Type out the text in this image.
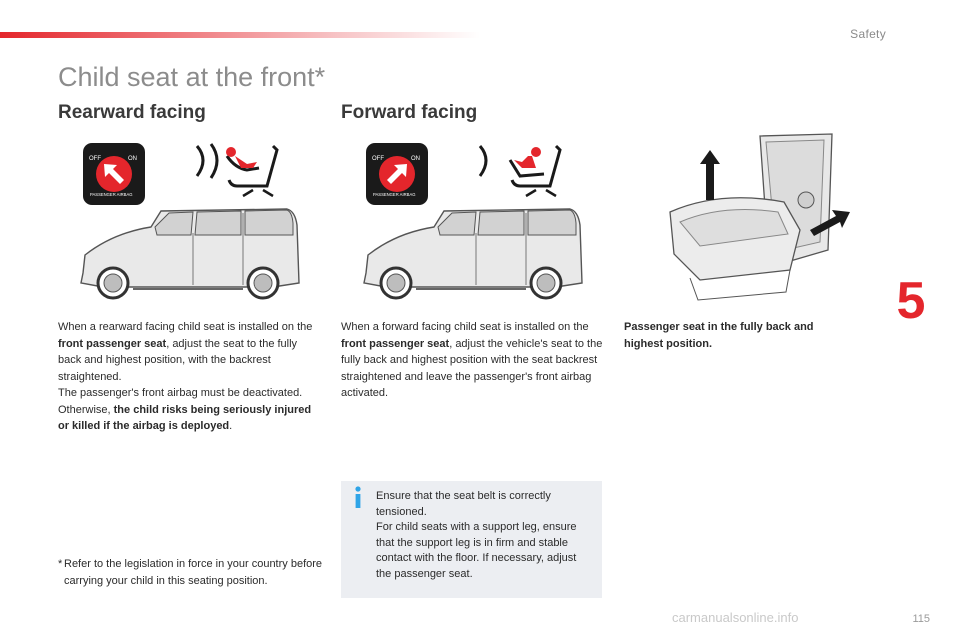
Safety
5
Child seat at the front*
Rearward facing	Forward facing
OFF	ON
PASSENGER AIRBAG
OFF	ON
PASSENGER AIRBAG
When a rearward facing child seat is installed on the front passenger seat, adjust the seat to the fully back and highest position, with the backrest straightened.
The passenger's front airbag must be deactivated. Otherwise, the child risks being seriously injured or killed if the airbag is deployed.
When a forward facing child seat is installed on the front passenger seat, adjust the vehicle's seat to the fully back and highest position with the seat backrest straightened and leave the passenger's front airbag activated.
Passenger seat in the fully back and highest position.
Ensure that the seat belt is correctly tensioned.
For child seats with a support leg, ensure that the support leg is in firm and stable contact with the floor. If necessary, adjust the passenger seat.
* Refer to the legislation in force in your country before carrying your child in this seating position.
carmanualsonline.info	115
